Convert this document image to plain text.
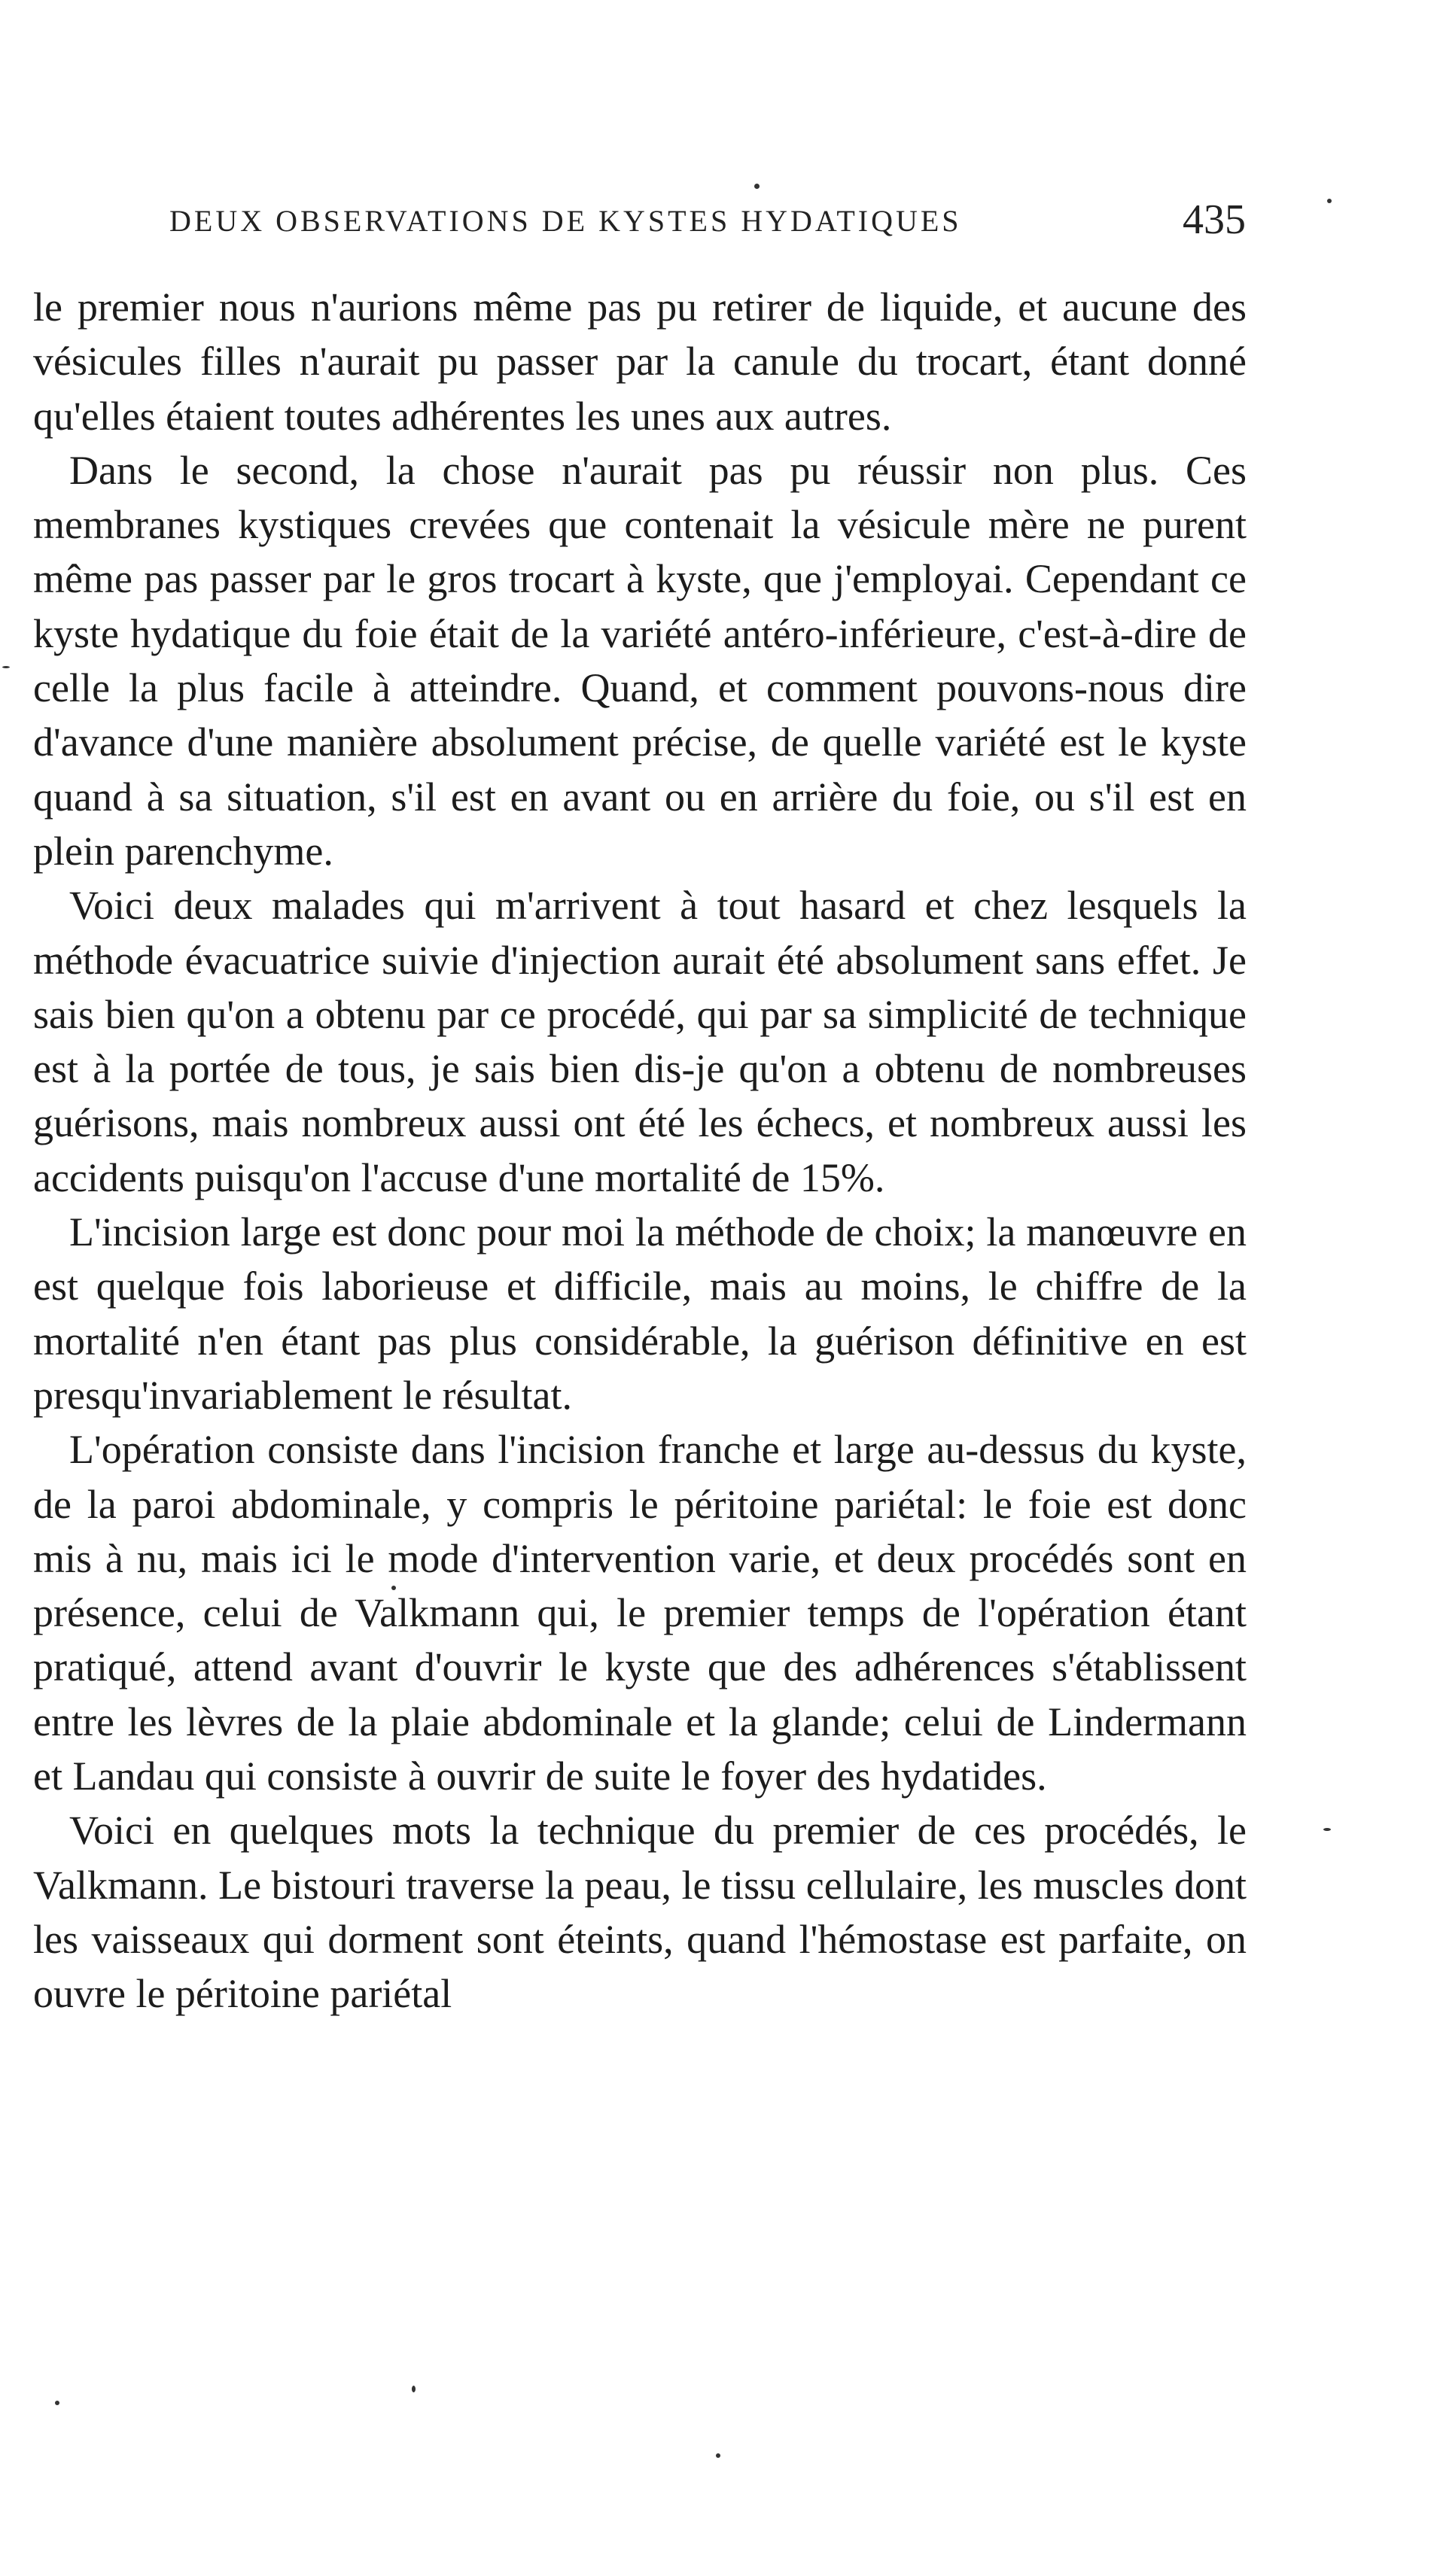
DEUX OBSERVATIONS DE KYSTES HYDATIQUES	435

le premier nous n'aurions même pas pu retirer de liquide, et aucune des vésicules filles n'aurait pu passer par la canule du trocart, étant donné qu'elles étaient toutes adhérentes les unes aux autres.

Dans le second, la chose n'aurait pas pu réussir non plus. Ces membranes kystiques crevées que contenait la vésicule mère ne purent même pas passer par le gros trocart à kyste, que j'employai. Cependant ce kyste hydatique du foie était de la variété antéro-inférieure, c'est-à-dire de celle la plus facile à atteindre. Quand, et comment pouvons-nous dire d'avance d'une manière absolument précise, de quelle variété est le kyste quand à sa situation, s'il est en avant ou en arrière du foie, ou s'il est en plein parenchyme.

Voici deux malades qui m'arrivent à tout hasard et chez lesquels la méthode évacuatrice suivie d'injection aurait été absolument sans effet. Je sais bien qu'on a obtenu par ce procédé, qui par sa simplicité de technique est à la portée de tous, je sais bien dis-je qu'on a obtenu de nombreuses guérisons, mais nombreux aussi ont été les échecs, et nombreux aussi les accidents puisqu'on l'accuse d'une mortalité de 15%.

L'incision large est donc pour moi la méthode de choix; la manœuvre en est quelque fois laborieuse et difficile, mais au moins, le chiffre de la mortalité n'en étant pas plus considérable, la guérison définitive en est presqu'invariablement le résultat.

L'opération consiste dans l'incision franche et large au-dessus du kyste, de la paroi abdominale, y compris le péritoine pariétal: le foie est donc mis à nu, mais ici le mode d'intervention varie, et deux procédés sont en présence, celui de Valkmann qui, le premier temps de l'opération étant pratiqué, attend avant d'ouvrir le kyste que des adhérences s'établissent entre les lèvres de la plaie abdominale et la glande; celui de Lindermann et Landau qui consiste à ouvrir de suite le foyer des hydatides.

Voici en quelques mots la technique du premier de ces procédés, le Valkmann. Le bistouri traverse la peau, le tissu cellulaire, les muscles dont les vaisseaux qui dorment sont éteints, quand l'hémostase est parfaite, on ouvre le péritoine pariétal
